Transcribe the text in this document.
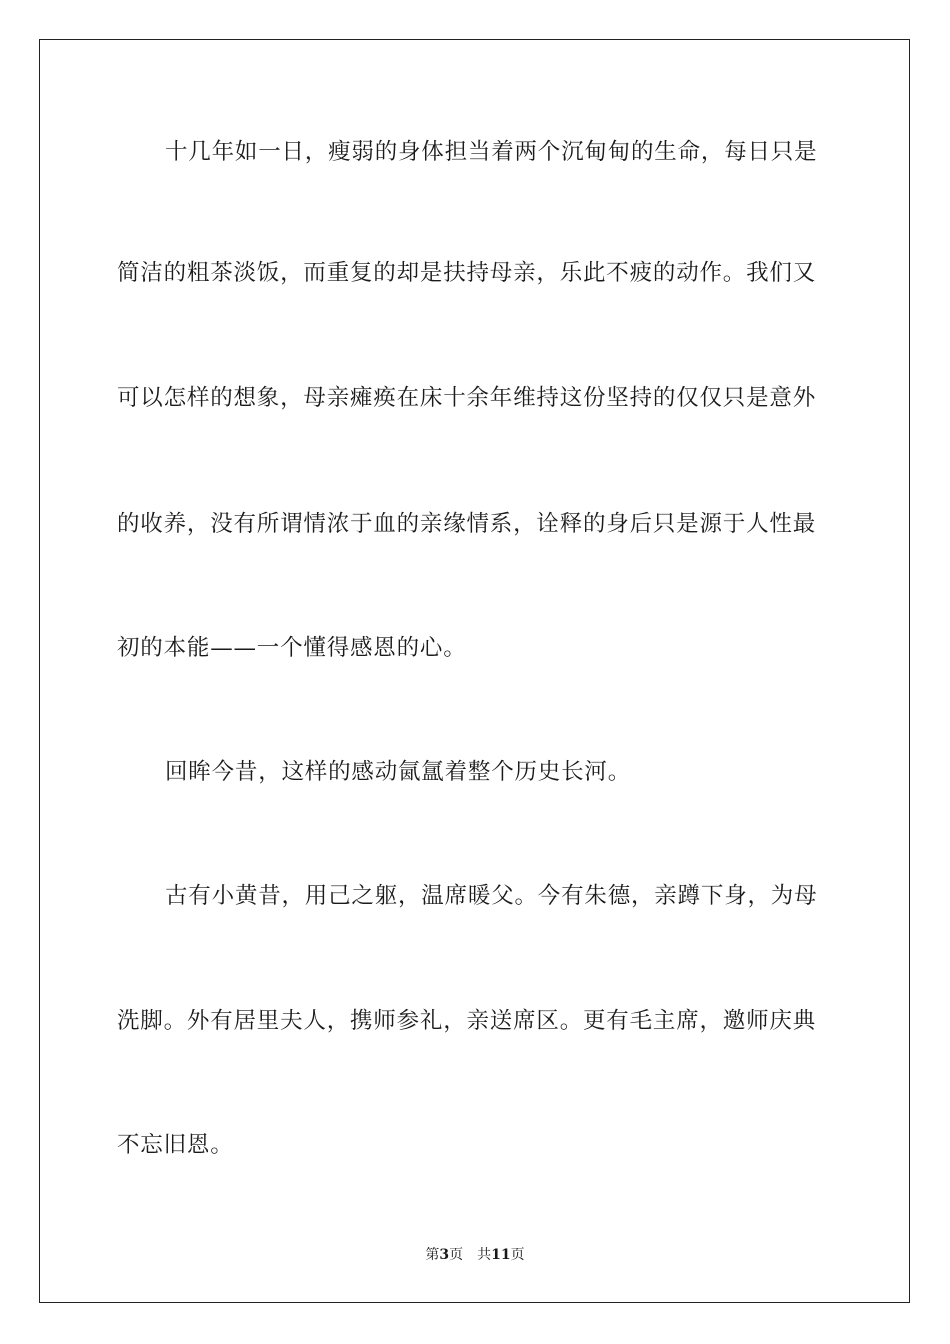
十几年如一日，瘦弱的身体担当着两个沉甸甸的生命，每日只是
简洁的粗茶淡饭，而重复的却是扶持母亲，乐此不疲的动作。我们又
可以怎样的想象，母亲瘫痪在床十余年维持这份坚持的仅仅只是意外
的收养，没有所谓情浓于血的亲缘情系，诠释的身后只是源于人性最
初的本能——一个懂得感恩的心。
回眸今昔，这样的感动氤氲着整个历史长河。
古有小黄昔，用己之躯，温席暖父。今有朱德，亲蹲下身，为母
洗脚。外有居里夫人，携师参礼，亲送席区。更有毛主席，邀师庆典
不忘旧恩。
第3页 共11页
